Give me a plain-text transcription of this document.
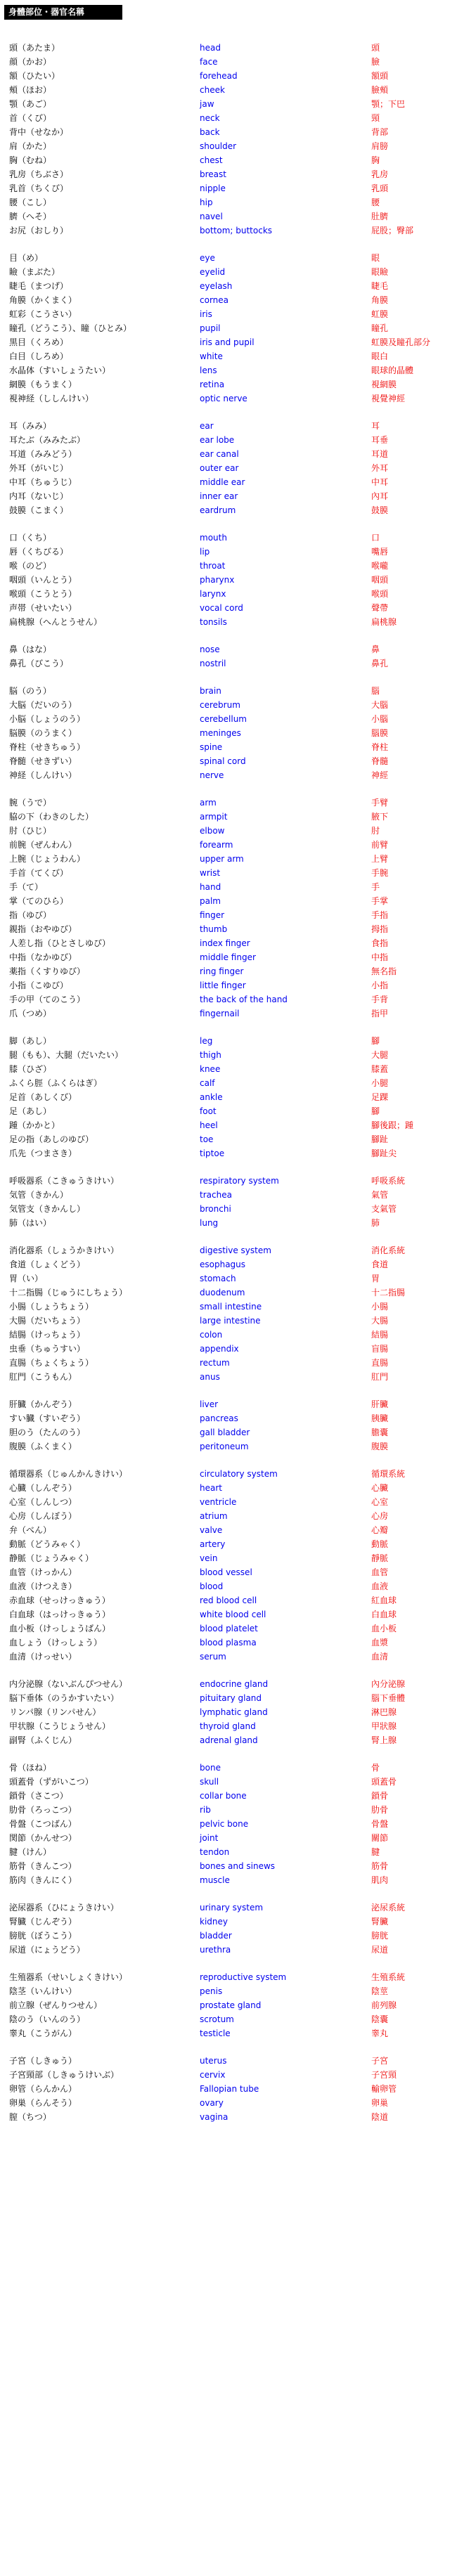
身體部位・器官名稱
頭（あたま）	head	頭
顔（かお）	face	臉
額（ひたい）	forehead	額頭
頰（ほお）	cheek	臉頰
顎（あご）	jaw	顎；下巴
首（くび）	neck	頸
背中（せなか）	back	背部
肩（かた）	shoulder	肩膀
胸（むね）	chest	胸
乳房（ちぶさ）	breast	乳房
乳首（ちくび）	nipple	乳頭
腰（こし）	hip	腰
臍（へそ）	navel	肚臍
お尻（おしり）	bottom; buttocks	屁股；臀部
目（め）	eye	眼
瞼（まぶた）	eyelid	眼瞼
睫毛（まつげ）	eyelash	睫毛
角膜（かくまく）	cornea	角膜
虹彩（こうさい）	iris	虹膜
瞳孔（どうこう）、瞳（ひとみ）	pupil	瞳孔
黒目（くろめ）	iris and pupil	虹膜及瞳孔部分
白目（しろめ）	white	眼白
水晶体（すいしょうたい）	lens	眼球的晶體
網膜（もうまく）	retina	視網膜
視神経（ししんけい）	optic nerve	視覺神經
耳（みみ）	ear	耳
耳たぶ（みみたぶ）	ear lobe	耳垂
耳道（みみどう）	ear canal	耳道
外耳（がいじ）	outer ear	外耳
中耳（ちゅうじ）	middle ear	中耳
内耳（ないじ）	inner ear	內耳
鼓膜（こまく）	eardrum	鼓膜
口（くち）	mouth	口
唇（くちびる）	lip	嘴唇
喉（のど）	throat	喉嚨
咽頭（いんとう）	pharynx	咽頭
喉頭（こうとう）	larynx	喉頭
声帯（せいたい）	vocal cord	聲帶
扁桃腺（へんとうせん）	tonsils	扁桃腺
鼻（はな）	nose	鼻
鼻孔（びこう）	nostril	鼻孔
脳（のう）	brain	腦
大脳（だいのう）	cerebrum	大腦
小脳（しょうのう）	cerebellum	小腦
脳膜（のうまく）	meninges	腦膜
脊柱（せきちゅう）	spine	脊柱
脊髄（せきずい）	spinal cord	脊髓
神経（しんけい）	nerve	神經
腕（うで）	arm	手臂
脇の下（わきのした）	armpit	腋下
肘（ひじ）	elbow	肘
前腕（ぜんわん）	forearm	前臂
上腕（じょうわん）	upper arm	上臂
手首（てくび）	wrist	手腕
手（て）	hand	手
掌（てのひら）	palm	手掌
指（ゆび）	finger	手指
親指（おやゆび）	thumb	拇指
人差し指（ひとさしゆび）	index finger	食指
中指（なかゆび）	middle finger	中指
薬指（くすりゆび）	ring finger	無名指
小指（こゆび）	little finger	小指
手の甲（てのこう）	the back of the hand	手背
爪（つめ）	fingernail	指甲
脚（あし）	leg	腳
腿（もも）、大腿（だいたい）	thigh	大腿
膝（ひざ）	knee	膝蓋
ふくら脛（ふくらはぎ）	calf	小腿
足首（あしくび）	ankle	足踝
足（あし）	foot	腳
踵（かかと）	heel	腳後跟；踵
足の指（あしのゆび）	toe	腳趾
爪先（つまさき）	tiptoe	腳趾尖
呼吸器系（こきゅうきけい）	respiratory system	呼吸系統
気管（きかん）	trachea	氣管
気管支（きかんし）	bronchi	支氣管
肺（はい）	lung	肺
消化器系（しょうかきけい）	digestive system	消化系統
食道（しょくどう）	esophagus	食道
胃（い）	stomach	胃
十二指腸（じゅうにしちょう）	duodenum	十二指腸
小腸（しょうちょう）	small intestine	小腸
大腸（だいちょう）	large intestine	大腸
結腸（けっちょう）	colon	結腸
虫垂（ちゅうすい）	appendix	盲腸
直腸（ちょくちょう）	rectum	直腸
肛門（こうもん）	anus	肛門
肝臓（かんぞう）	liver	肝臟
すい臓（すいぞう）	pancreas	胰臟
胆のう（たんのう）	gall bladder	膽囊
腹膜（ふくまく）	peritoneum	腹膜
循環器系（じゅんかんきけい）	circulatory system	循環系統
心臓（しんぞう）	heart	心臟
心室（しんしつ）	ventricle	心室
心房（しんぼう）	atrium	心房
弁（べん）	valve	心瓣
動脈（どうみゃく）	artery	動脈
静脈（じょうみゃく）	vein	靜脈
血管（けっかん）	blood vessel	血管
血液（けつえき）	blood	血液
赤血球（せっけっきゅう）	red blood cell	紅血球
白血球（はっけっきゅう）	white blood cell	白血球
血小板（けっしょうばん）	blood platelet	血小板
血しょう（けっしょう）	blood plasma	血漿
血清（けっせい）	serum	血清
内分泌腺（ないぶんぴつせん）	endocrine gland	內分泌腺
脳下垂体（のうかすいたい）	pituitary gland	腦下垂體
リンパ腺（リンパせん）	lymphatic gland	淋巴腺
甲状腺（こうじょうせん）	thyroid gland	甲狀腺
副腎（ふくじん）	adrenal gland	腎上腺
骨（ほね）	bone	骨
頭蓋骨（ずがいこつ）	skull	頭蓋骨
鎖骨（さこつ）	collar bone	鎖骨
肋骨（ろっこつ）	rib	肋骨
骨盤（こつばん）	pelvic bone	骨盤
関節（かんせつ）	joint	關節
腱（けん）	tendon	腱
筋骨（きんこつ）	bones and sinews	筋骨
筋肉（きんにく）	muscle	肌肉
泌尿器系（ひにょうきけい）	urinary system	泌尿系統
腎臓（じんぞう）	kidney	腎臟
膀胱（ぼうこう）	bladder	膀胱
尿道（にょうどう）	urethra	尿道
生殖器系（せいしょくきけい）	reproductive system	生殖系統
陰茎（いんけい）	penis	陰莖
前立腺（ぜんりつせん）	prostate gland	前列腺
陰のう（いんのう）	scrotum	陰囊
睾丸（こうがん）	testicle	睾丸
子宮（しきゅう）	uterus	子宮
子宮頸部（しきゅうけいぶ）	cervix	子宮頸
卵管（らんかん）	Fallopian tube	輸卵管
卵巣（らんそう）	ovary	卵巢
膣（ちつ）	vagina	陰道
